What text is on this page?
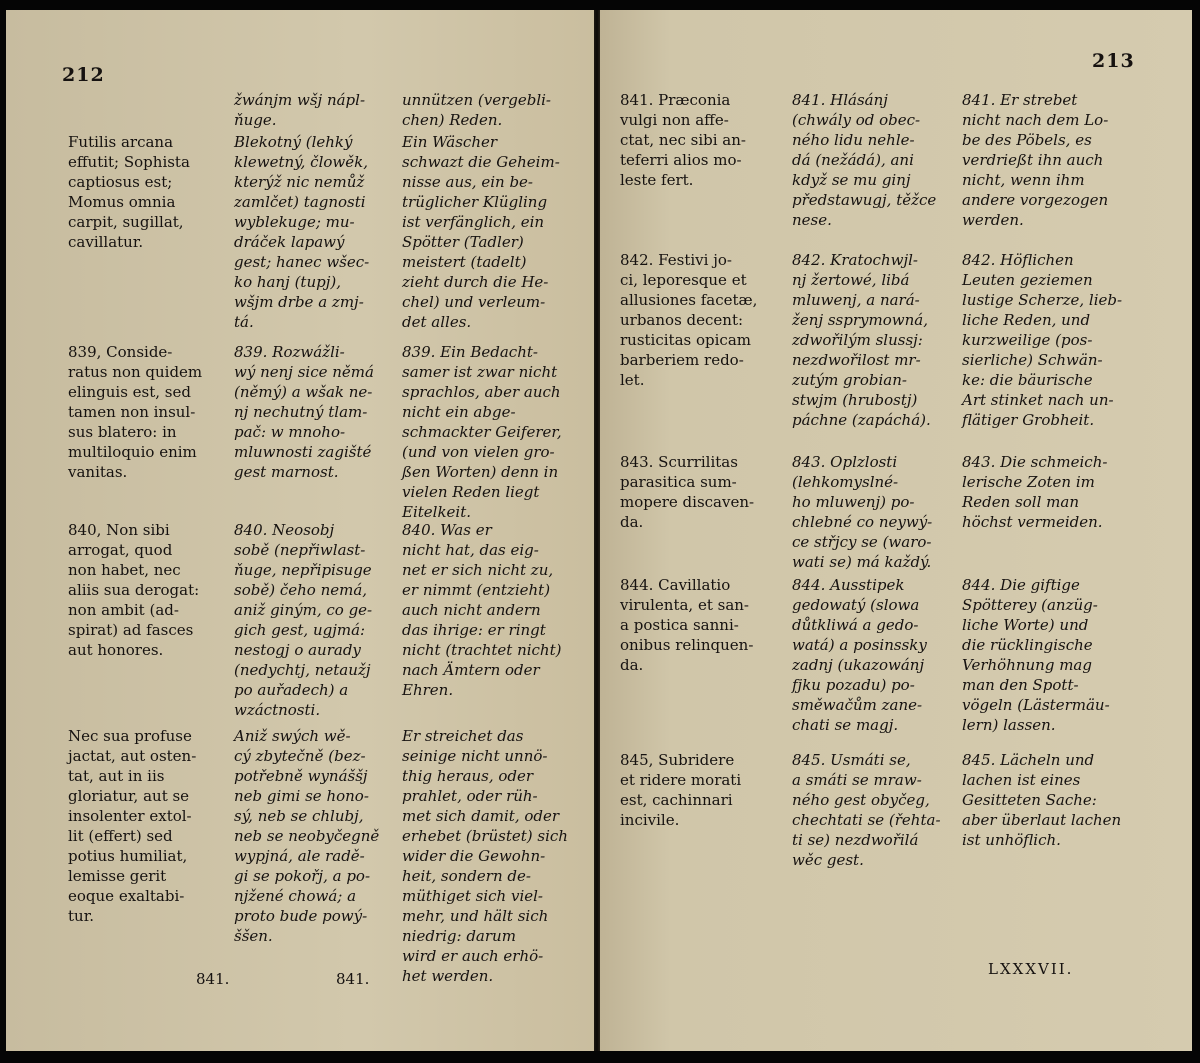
212
žwánjm wšj nápl-
ňuge.
unnützen (vergebli-
chen) Reden.
Futilis arcana
effutit; Sophista
captiosus est;
Momus omnia
carpit, sugillat,
cavillatur.
Blekotný (lehký
klewetný, člowěk,
kterýž nic nemůž
zamlčet) tagnosti
wyblekuge; mu-
dráček lapawý
gest; hanec wšec-
ko hanj (tupj),
wšjm drbe a zmj-
tá.
Ein Wäscher
schwazt die Geheim-
nisse aus, ein be-
trüglicher Klügling
ist verfänglich, ein
Spötter (Tadler)
meistert (tadelt)
zieht durch die He-
chel) und verleum-
det alles.
839, Conside-
ratus non quidem
elinguis est, sed
tamen non insul-
sus blatero: in
multiloquio enim
vanitas.
839. Rozwážli-
wý nenj sice němá
(němý) a wšak ne-
nj nechutný tlam-
pač: w mnoho-
mluwnosti zagišté
gest marnost.
839. Ein Bedacht-
samer ist zwar nicht
sprachlos, aber auch
nicht ein abge-
schmackter Geiferer,
(und von vielen gro-
ßen Worten) denn in
vielen Reden liegt
Eitelkeit.
840, Non sibi
arrogat, quod
non habet, nec
aliis sua derogat:
non ambit (ad-
spirat) ad fasces
aut honores.
840. Neosobj
sobě (nepřiwlast-
ňuge, nepřipisuge
sobě) čeho nemá,
aniž giným, co ge-
gich gest, ugjmá:
nestogj o aurady
(nedychtj, netaužj
po auřadech) a
wzáctnosti.
840. Was er
nicht hat, das eig-
net er sich nicht zu,
er nimmt (entzieht)
auch nicht andern
das ihrige: er ringt
nicht (trachtet nicht)
nach Ämtern oder
Ehren.
Nec sua profuse
jactat, aut osten-
tat, aut in iis
gloriatur, aut se
insolenter extol-
lit (effert) sed
potius humiliat,
lemisse gerit
eoque exaltabi-
tur.
Aniž swých wě-
cý zbytečně (bez-
potřebně wynáššj
neb gimi se hono-
sý, neb se chlubj,
neb se neobyčegně
wypjná, ale radě-
gi se pokořj, a po-
njžené chowá; a
proto bude powý-
ššen.
Er streichet das
seinige nicht unnö-
thig heraus, oder
prahlet, oder rüh-
met sich damit, oder
erhebet (brüstet) sich
wider die Gewohn-
heit, sondern de-
müthiget sich viel-
mehr, und hält sich
niedrig: darum
wird er auch erhö-
het werden.
841.	841.
213
841. Præconia
vulgi non affe-
ctat, nec sibi an-
teferri alios mo-
leste fert.
841. Hlásánj
(chwály od obec-
ného lidu nehle-
dá (nežádá), ani
když se mu ginj
předstawugj, těžce
nese.
841. Er strebet
nicht nach dem Lo-
be des Pöbels, es
verdrießt ihn auch
nicht, wenn ihm
andere vorgezogen
werden.
842. Festivi jo-
ci, leporesque et
allusiones facetæ,
urbanos decent:
rusticitas opicam
barberiem redo-
let.
842. Kratochwjl-
nj žertowé, libá
mluwenj, a nará-
ženj ssprymowná,
zdwořilým slussj:
nezdwořilost mr-
zutým grobian-
stwjm (hrubostj)
páchne (zapáchá).
842. Höflichen
Leuten geziemen
lustige Scherze, lieb-
liche Reden, und
kurzweilige (pos-
sierliche) Schwän-
ke: die bäurische
Art stinket nach un-
flätiger Grobheit.
843. Scurrilitas
parasitica sum-
mopere discaven-
da.
843. Oplzlosti
(lehkomyslné-
ho mluwenj) po-
chlebné co neywý-
ce střjcy se (waro-
wati se) má každý.
843. Die schmeich-
lerische Zoten im
Reden soll man
höchst vermeiden.
844. Cavillatio
virulenta, et san-
a postica sanni-
onibus relinquen-
da.
844. Ausstipek
gedowatý (slowa
důtkliwá a gedo-
watá) a posinssky
zadnj (ukazowánj
fjku pozadu) po-
směwačům zane-
chati se magj.
844. Die giftige
Spötterey (anzüg-
liche Worte) und
die rücklingische
Verhöhnung mag
man den Spott-
vögeln (Lästermäu-
lern) lassen.
845, Subridere
et ridere morati
est, cachinnari
incivile.
845. Usmáti se,
a smáti se mraw-
ného gest obyčeg,
chechtati se (řehta-
ti se) nezdwořilá
wěc gest.
845. Lächeln und
lachen ist eines
Gesitteten Sache:
aber überlaut lachen
ist unhöflich.
LXXXVII.
